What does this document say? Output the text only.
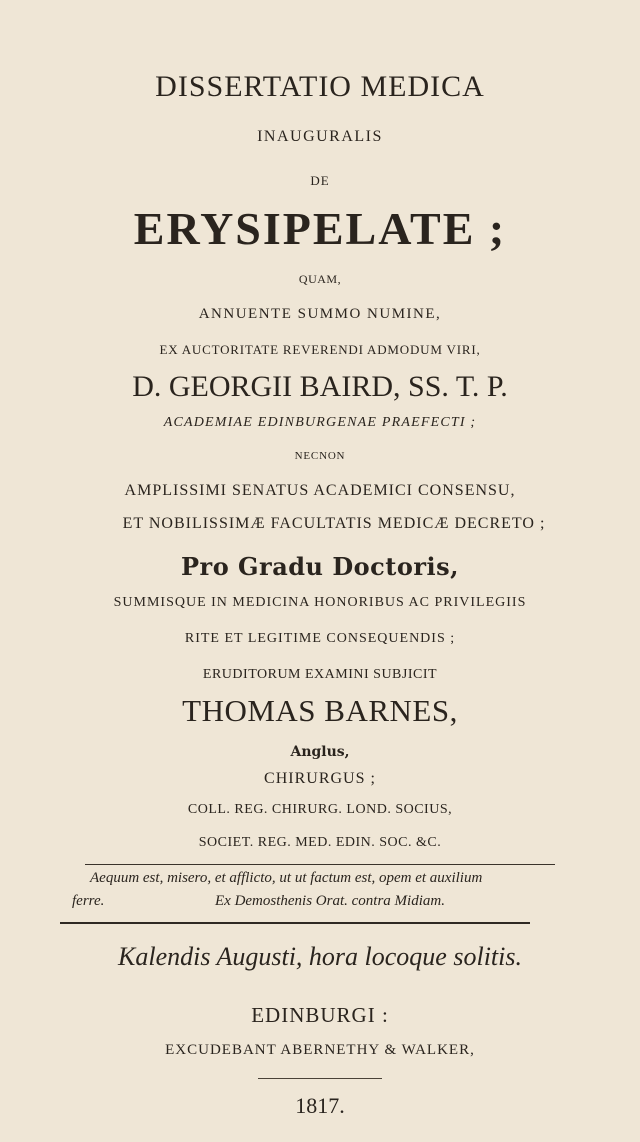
DISSERTATIO MEDICA
INAUGURALIS
DE
ERYSIPELATE ;
QUAM,
ANNUENTE SUMMO NUMINE,
EX AUCTORITATE REVERENDI ADMODUM VIRI,
D. GEORGII BAIRD, SS. T. P.
ACADEMIAE EDINBURGENAE PRAEFECTI ;
NECNON
AMPLISSIMI SENATUS ACADEMICI CONSENSU,
ET NOBILISSIMÆ FACULTATIS MEDICÆ DECRETO ;
Pro Gradu Doctoris,
SUMMISQUE IN MEDICINA HONORIBUS AC PRIVILEGIIS
RITE ET LEGITIME CONSEQUENDIS ;
ERUDITORUM EXAMINI SUBJICIT
THOMAS BARNES,
Anglus,
CHIRURGUS ;
COLL. REG. CHIRURG. LOND. SOCIUS,
SOCIET. REG. MED. EDIN. SOC. &C.
Aequum est, misero, et afflicto, ut ut factum est, opem et auxilium
ferre.	Ex Demosthenis Orat. contra Midiam.
Kalendis Augusti, hora locoque solitis.
EDINBURGI :
EXCUDEBANT ABERNETHY & WALKER,
1817.
